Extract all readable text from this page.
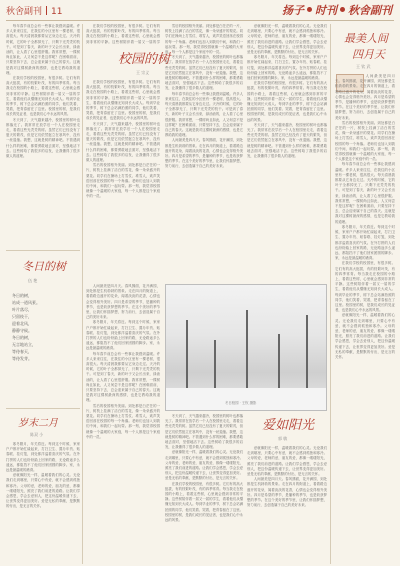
秋舍副刊 11	扬子 时刊 秋舍副刊

每年春节前总会有一些事让我感到温暖。许多人来来往往，在我住的小区里有一棵老树，很高很大。每天清晨我都要从它身边走过。天冷的时候，它的叶子全都掉光了，只剩下光秃秃的枝干。可是到了春天，新的叶子又会长出来，绿油油的，让人看了心里很舒服。我常常想，一棵树尚且如此，人又何尝不是这样呢？在困难面前，只要坚持下去，总会迎来属于自己的春天。这就是我对这棵树最深的感情，也是它教给我的道理。

在我们学校的校园里，有很多树。它们有的高大挺拔，有的枝繁叶茂，有的四季常青。每当我走在校园的小路上，看着这些树，心里就会感到非常的平静。这些树陪伴着一届又一届的学生，看着他们从懵懂无知到长大成人。每到毕业的季节，树下总会站满拍照的同学，他们笑着、哭着，把青春留在了这里。校园里的树，是我们成长的见证者，也是我们心中永远的风景。

冬天到了，天气越来越冷，校园里的树叶也都落光了。我常常在放学后一个人在校园里走走，看看这些光秃秃的树。虽然它们已经没有了夏天的繁茂，但是它们依然挺立在寒风中，没有一丝退缩。我想，这就是树的精神吧。不管遇到什么样的困难，都要勇敢地去面对，坚强地活下去。这些树给了我很多的启发，让我懂得了很多做人的道理。

冬日的树
伍 艳
冬日的树，
站成一道风景。
叶片落尽，
只留枝干，
迎着北风，
静静守候。
冬日的树，
无言地站立，
等待春天，
等待发芽。
岁末二月
陈双 小

寒冬腊月，年关将近。每到这个时候，家家户户都开始忙碌起来，打扫卫生、置办年货、贴春联、挂灯笼，到处都洋溢着喜庆的气氛。在外打拼的人们也纷纷踏上回家的路，无论路途多么遥远，都阻挡不了他们回家团圆的脚步。家，永远是最温暖的港湾。

爱就像阳光一样，温暖着我们的心灵。无论我们走到哪里，只要心中有爱，就不会感到孤独和寒冷。父母的爱，老师的爱，朋友的爱，都像一缕缕阳光，照亮了我们前进的道路。让我们学会感恩，学会去爱别人，把这份温暖传递下去，让世界变得更加美好。爱是无私的奉献，是默默的付出，是无言的关怀。

校园的树
王 宗义

在我们学校的校园里，有很多树。它们有的高大挺拔，有的枝繁叶茂，有的四季常青。每当我走在校园的小路上，看着这些树，心里就会感到非常的平静。这些树陪伴着一届又一届的学

在我们学校的校园里，有很多树。它们有的高大挺拔，有的枝繁叶茂，有的四季常青。每当我走在校园的小路上，看着这些树，心里就会感到非常的平静。这些树陪伴着一届又一届的学生，看着他们从懵懂无知到长大成人。每到毕业的季节，树下总会站满拍照的同学，他们笑着、哭着，把青春留在了这里。校园里的树，是我们成长的见证者，也是我们心中永远的风景。

冬天到了，天气越来越冷，校园里的树叶也都落光了。我常常在放学后一个人在校园里走走，看看这些光秃秃的树。虽然它们已经没有了夏天的繁茂，但是它们依然挺立在寒风中，没有一丝退缩。我想，这就是树的精神吧。不管遇到什么样的困难，都要勇敢地去面对，坚强地活下去。这些树给了我很多的启发，让我懂得了很多做人的道理。

雪后的校园格外美丽。到处都是白茫茫的一片，树枝上挂满了洁白的雪花，像一朵朵盛开的梨花。同学们在操场上打雪仗、堆雪人，欢声笑语回荡在校园的每一个角落。老师们也加入到我们中间，和我们一起玩耍。那一刻，我觉得校园就像一个温暖的大家庭，每一个人都是这个家庭中的一员。

雪后的校园格外美丽。到处都是白茫茫的一片，树枝上挂满了洁白的雪花，像一朵朵盛开的梨花。同学们在操场上打雪仗、堆雪人，欢声笑语回荡在校园的每一个角落。老师们也加入到我们中间，和我们一起玩耍。那一刻，我觉得校园就像一个温暖的大家庭，每一个人都是这个家庭中的一员。

冬天到了，天气越来越冷，校园里的树叶也都落光了。我常常在放学后一个人在校园里走走，看看这些光秃秃的树。虽然它们已经没有了夏天的繁茂，但是它们依然挺立在寒风中，没有一丝退缩。我想，这就是树的精神吧。不管遇到什么样的困难，都要勇敢地去面对，坚强地活下去。这些树给了我很多的启发，让我懂得了很多做人的道理。

每年春节前总会有一些事让我感到温暖。许多人来来往往，在我住的小区里有一棵老树，很高很大。每天清晨我都要从它身边走过。天冷的时候，它的叶子全都掉光了，只剩下光秃秃的枝干。可是到了春天，新的叶子又会长出来，绿油油的，让人看了心里很舒服。我常常想，一棵树尚且如此，人又何尝不是这样呢？在困难面前，只要坚持下去，总会迎来属于自己的春天。这就是我对这棵树最深的感情，也是它教给我的道理。

人间最美是四月天。春风拂面，花开满园，到处都是生机勃勃的景象。走在四月的街道上，看着路边盛开的花朵，闻着淡淡的花香，心情也会变得格外美好。四月是希望的季节，是播种的季节，也是收获梦想的季节。在这个美好的季节里，让我们怀揣梦想，努力前行，去创造属于自己的美好未来。

爱就像阳光一样，温暖着我们的心灵。无论我们走到哪里，只要心中有爱，就不会感到孤独和寒冷。父母的爱，老师的爱，朋友的爱，都像一缕缕阳光，照亮了我们前进的道路。让我们学会感恩，学会去爱别人，把这份温暖传递下去，让世界变得更加美好。爱是无私的奉献，是默默的付出，是无言的关怀。

寒冬腊月，年关将近。每到这个时候，家家户户都开始忙碌起来，打扫卫生、置办年货、贴春联、挂灯笼，到处都洋溢着喜庆的气氛。在外打拼的人们也纷纷踏上回家的路，无论路途多么遥远，都阻挡不了他们回家团圆的脚步。家，永远是最温暖的港湾。

在我们学校的校园里，有很多树。它们有的高大挺拔，有的枝繁叶茂，有的四季常青。每当我走在校园的小路上，看着这些树，心里就会感到非常的平静。这些树陪伴着一届又一届的学生，看着他们从懵懂无知到长大成人。每到毕业的季节，树下总会站满拍照的同学，他们笑着、哭着，把青春留在了这里。校园里的树，是我们成长的见证者，也是我们心中永远的风景。

冬天到了，天气越来越冷，校园里的树叶也都落光了。我常常在放学后一个人在校园里走走，看看这些光秃秃的树。虽然它们已经没有了夏天的繁茂，但是它们依然挺立在寒风中，没有一丝退缩。我想，这就是树的精神吧。不管遇到什么样的困难，都要勇敢地去面对，坚强地活下去。这些树给了我很多的启发，让我懂得了很多做人的道理。

冬日校园 · 王钦 摄影

人间最美是四月天。春风拂面，花开满园，到处都是生机勃勃的景象。走在四月的街道上，看着路边盛开的花朵，闻着淡淡的花香，心情也会变得格外美好。四月是希望的季节，是播种的季节，也是收获梦想的季节。在这个美好的季节里，让我们怀揣梦想，努力前行，去创造属于自己的美好未来。

寒冬腊月，年关将近。每到这个时候，家家户户都开始忙碌起来，打扫卫生、置办年货、贴春联、挂灯笼，到处都洋溢着喜庆的气氛。在外打拼的人们也纷纷踏上回家的路，无论路途多么遥远，都阻挡不了他们回家团圆的脚步。家，永远是最温暖的港湾。

每年春节前总会有一些事让我感到温暖。许多人来来往往，在我住的小区里有一棵老树，很高很大。每天清晨我都要从它身边走过。天冷的时候，它的叶子全都掉光了，只剩下光秃秃的枝干。可是到了春天，新的叶子又会长出来，绿油油的，让人看了心里很舒服。我常常想，一棵树尚且如此，人又何尝不是这样呢？在困难面前，只要坚持下去，总会迎来属于自己的春天。这就是我对这棵树最深的感情，也是它教给我的道理。

雪后的校园格外美丽。到处都是白茫茫的一片，树枝上挂满了洁白的雪花，像一朵朵盛开的梨花。同学们在操场上打雪仗、堆雪人，欢声笑语回荡在校园的每一个角落。老师们也加入到我们中间，和我们一起玩耍。那一刻，我觉得校园就像一个温暖的大家庭，每一个人都是这个家庭中的一员。

冬天到了，天气越来越冷，校园里的树叶也都落光了。我常常在放学后一个人在校园里走走，看看这些光秃秃的树。虽然它们已经没有了夏天的繁茂，但是它们依然挺立在寒风中，没有一丝退缩。我想，这就是树的精神吧。不管遇到什么样的困难，都要勇敢地去面对，坚强地活下去。这些树给了我很多的启发，让我懂得了很多做人的道理。

爱就像阳光一样，温暖着我们的心灵。无论我们走到哪里，只要心中有爱，就不会感到孤独和寒冷。父母的爱，老师的爱，朋友的爱，都像一缕缕阳光，照亮了我们前进的道路。让我们学会感恩，学会去爱别人，把这份温暖传递下去，让世界变得更加美好。爱是无私的奉献，是默默的付出，是无言的关怀。

在我们学校的校园里，有很多树。它们有的高大挺拔，有的枝繁叶茂，有的四季常青。每当我走在校园的小路上，看着这些树，心里就会感到非常的平静。这些树陪伴着一届又一届的学生，看着他们从懵懂无知到长大成人。每到毕业的季节，树下总会站满拍照的同学，他们笑着、哭着，把青春留在了这里。校园里的树，是我们成长的见证者，也是我们心中永远的风景。

爱如阳光
郭 敏

爱就像阳光一样，温暖着我们的心灵。无论我们走到哪里，只要心中有爱，就不会感到孤独和寒冷。父母的爱，老师的爱，朋友的爱，都像一缕缕阳光，照亮了我们前进的道路。让我们学会感恩，学会去爱别人，把这份温暖传递下去，让世界变得更加美好。爱是无私的奉献，是默默的付出，是无言的关怀。

人间最美是四月天。春风拂面，花开满园，到处都是生机勃勃的景象。走在四月的街道上，看着路边盛开的花朵，闻着淡淡的花香，心情也会变得格外美好。四月是希望的季节，是播种的季节，也是收获梦想的季节。在这个美好的季节里，让我们怀揣梦想，努力前行，去创造属于自己的美好未来。

最美人间
四月天
王 钦 武

人间最美是四月天。春风拂面，花开满园，到处都是生机勃勃的景象。走在四月的街道上，看着路边盛开的花朵，闻着淡淡的花香，心情也会变得格外美好。四月是希望的季节，是播种的季节，也是收获梦想的季节。在这个美好的季节里，让我们怀揣梦想，努力前行，去创造属于自己的美好未来。

雪后的校园格外美丽。到处都是白茫茫的一片，树枝上挂满了洁白的雪花，像一朵朵盛开的梨花。同学们在操场上打雪仗、堆雪人，欢声笑语回荡在校园的每一个角落。老师们也加入到我们中间，和我们一起玩耍。那一刻，我觉得校园就像一个温暖的大家庭，每一个人都是这个家庭中的一员。

每年春节前总会有一些事让我感到温暖。许多人来来往往，在我住的小区里有一棵老树，很高很大。每天清晨我都要从它身边走过。天冷的时候，它的叶子全都掉光了，只剩下光秃秃的枝干。可是到了春天，新的叶子又会长出来，绿油油的，让人看了心里很舒服。我常常想，一棵树尚且如此，人又何尝不是这样呢？在困难面前，只要坚持下去，总会迎来属于自己的春天。这就是我对这棵树最深的感情，也是它教给我的道理。

寒冬腊月，年关将近。每到这个时候，家家户户都开始忙碌起来，打扫卫生、置办年货、贴春联、挂灯笼，到处都洋溢着喜庆的气氛。在外打拼的人们也纷纷踏上回家的路，无论路途多么遥远，都阻挡不了他们回家团圆的脚步。家，永远是最温暖的港湾。

在我们学校的校园里，有很多树。它们有的高大挺拔，有的枝繁叶茂，有的四季常青。每当我走在校园的小路上，看着这些树，心里就会感到非常的平静。这些树陪伴着一届又一届的学生，看着他们从懵懂无知到长大成人。每到毕业的季节，树下总会站满拍照的同学，他们笑着、哭着，把青春留在了这里。校园里的树，是我们成长的见证者，也是我们心中永远的风景。

爱就像阳光一样，温暖着我们的心灵。无论我们走到哪里，只要心中有爱，就不会感到孤独和寒冷。父母的爱，老师的爱，朋友的爱，都像一缕缕阳光，照亮了我们前进的道路。让我们学会感恩，学会去爱别人，把这份温暖传递下去，让世界变得更加美好。爱是无私的奉献，是默默的付出，是无言的关怀。
